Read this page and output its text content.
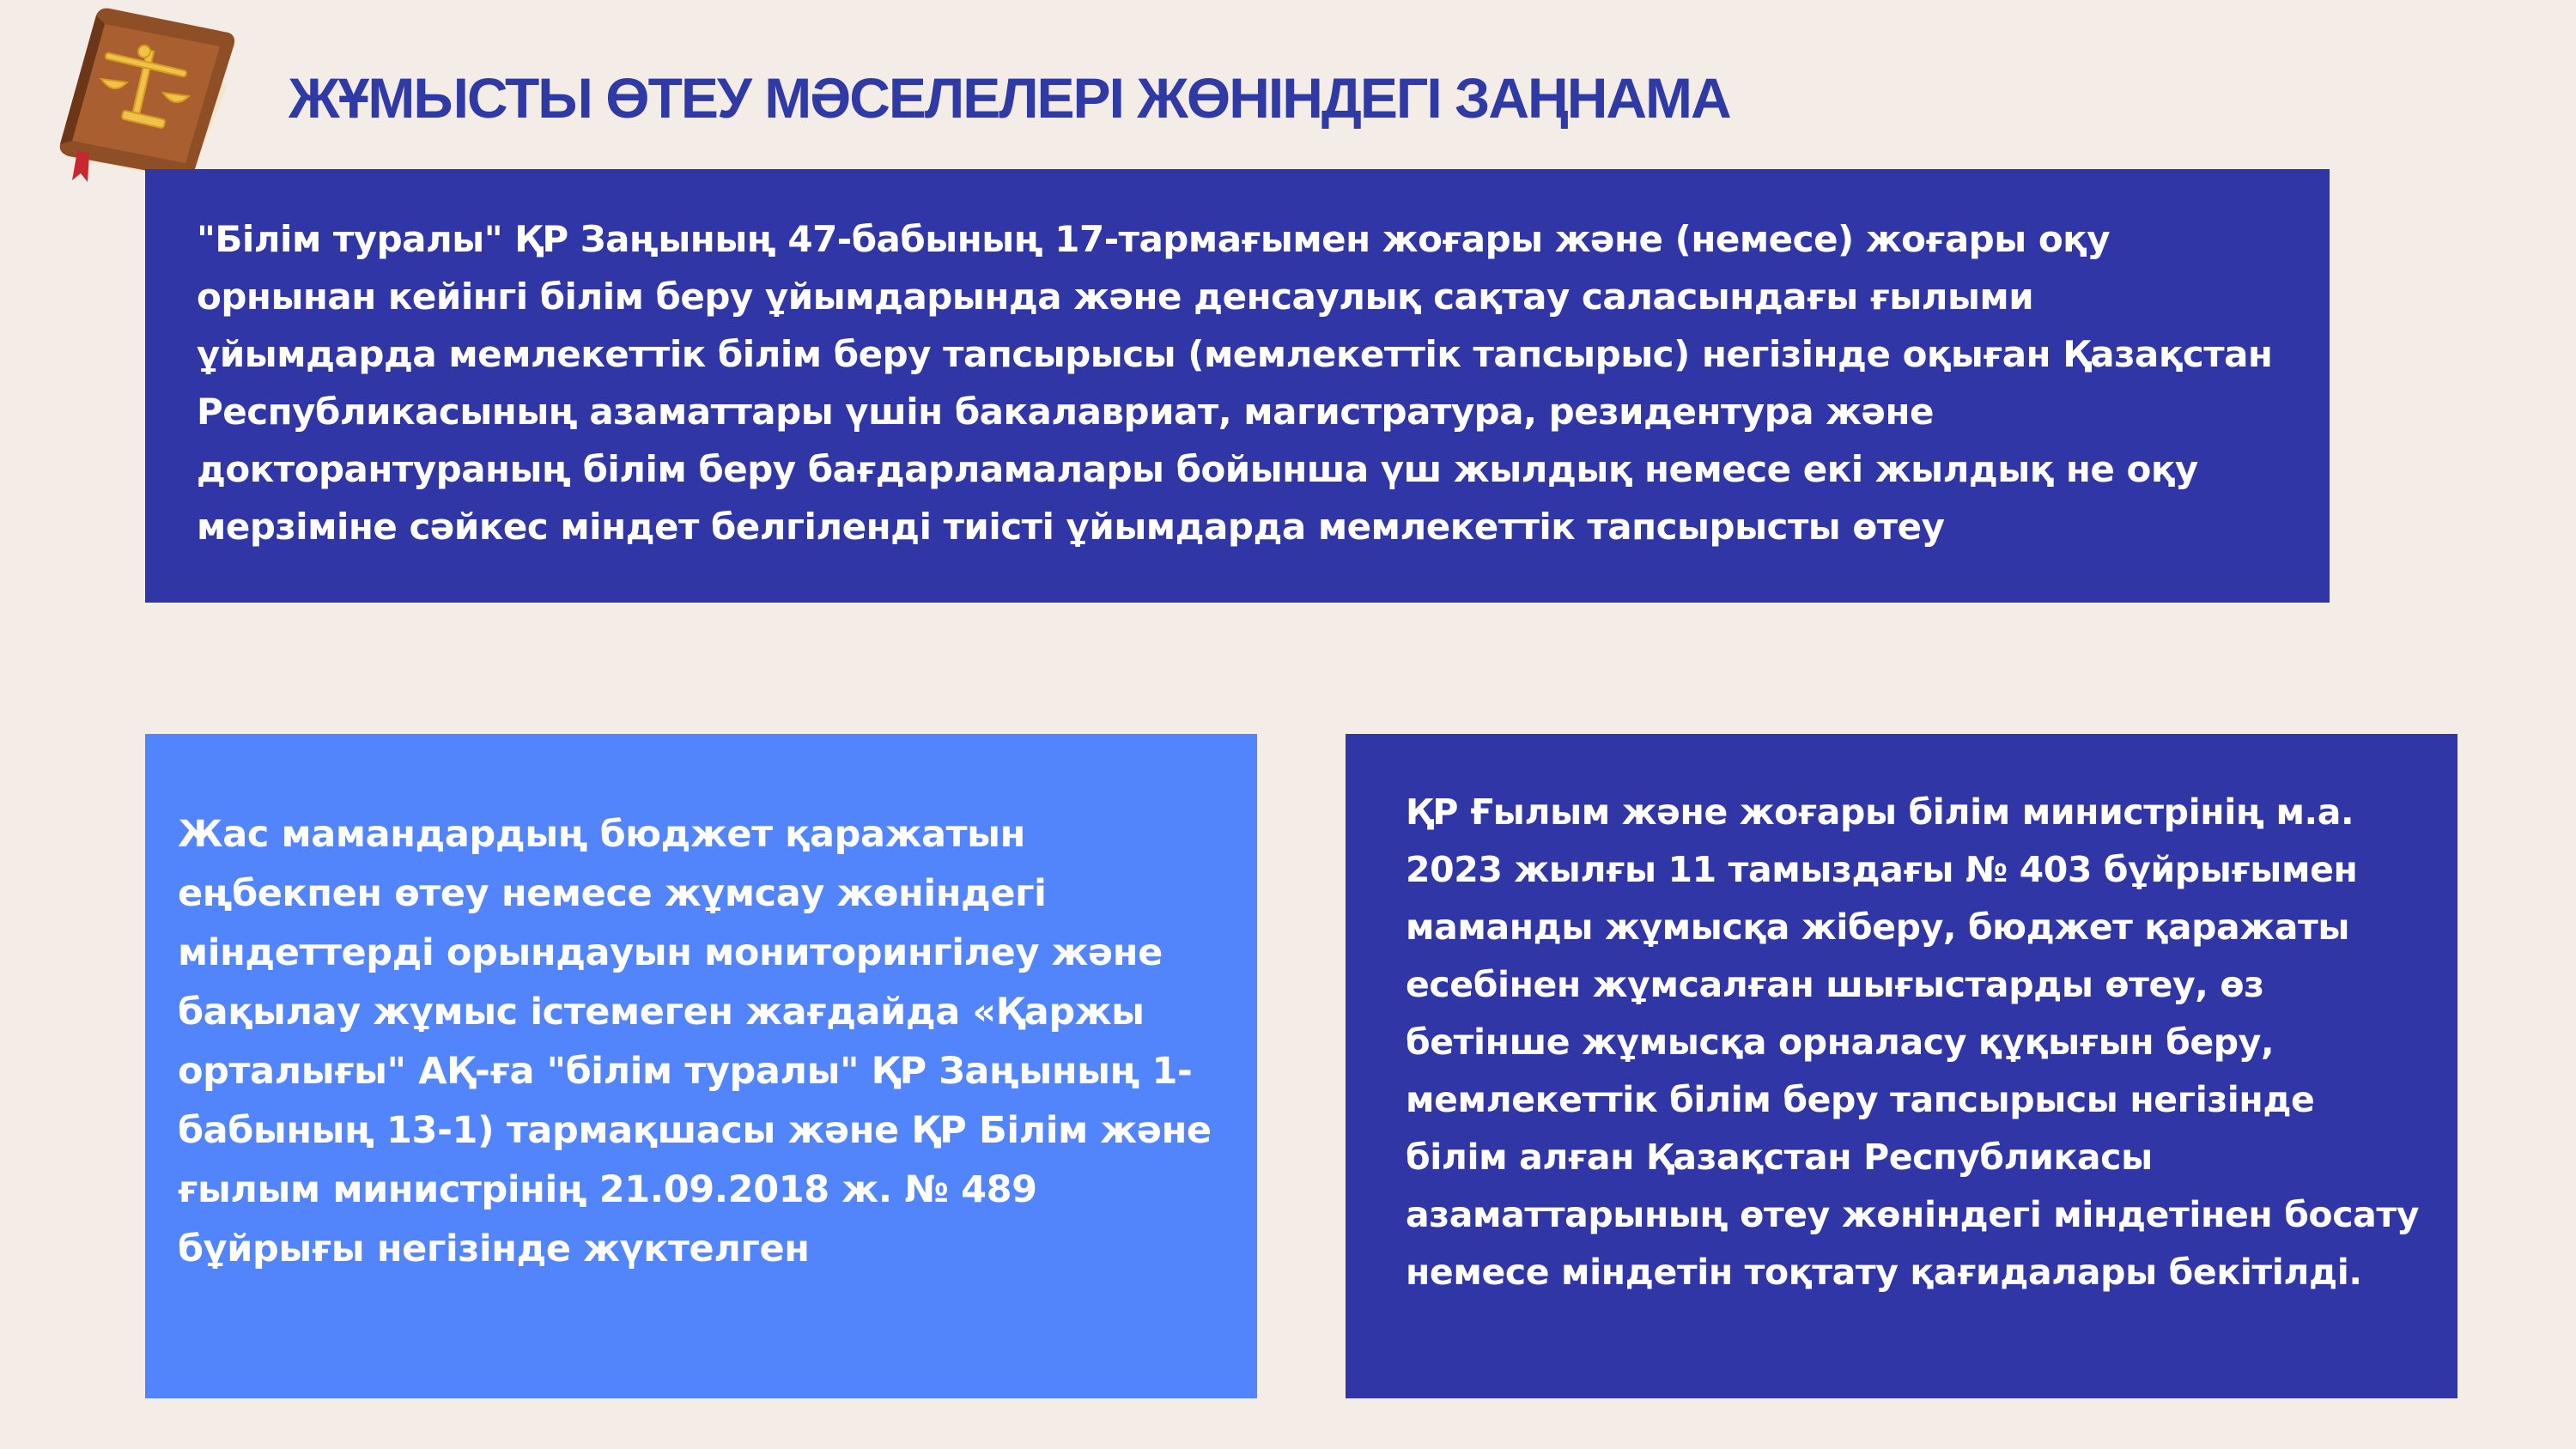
ЖҰМЫСТЫ ӨТЕУ МӘСЕЛЕЛЕРІ ЖӨНІНДЕГІ ЗАҢНАМА

"Білім туралы" ҚР Заңының 47-бабының 17-тармағымен жоғары және (немесе) жоғары оқу орнынан кейінгі білім беру ұйымдарында және денсаулық сақтау саласындағы ғылыми ұйымдарда мемлекеттік білім беру тапсырысы (мемлекеттік тапсырыс) негізінде оқыған Қазақстан Республикасының азаматтары үшін бакалавриат, магистратура, резидентура және докторантураның білім беру бағдарламалары бойынша үш жылдық немесе екі жылдық не оқу мерзіміне сәйкес міндет белгіленді тиісті ұйымдарда мемлекеттік тапсырысты өтеу

Жас мамандардың бюджет қаражатын еңбекпен өтеу немесе жұмсау жөніндегі міндеттерді орындауын мониторингілеу және бақылау жұмыс істемеген жағдайда «Қаржы орталығы" АҚ-ға "білім туралы" ҚР Заңының 1-бабының 13-1) тармақшасы және ҚР Білім және ғылым министрінің 21.09.2018 ж. № 489 бұйрығы негізінде жүктелген

ҚР Ғылым және жоғары білім министрінің м.а. 2023 жылғы 11 тамыздағы № 403 бұйрығымен маманды жұмысқа жіберу, бюджет қаражаты есебінен жұмсалған шығыстарды өтеу, өз бетінше жұмысқа орналасу құқығын беру, мемлекеттік білім беру тапсырысы негізінде білім алған Қазақстан Республикасы азаматтарының өтеу жөніндегі міндетінен босату немесе міндетін тоқтату қағидалары бекітілді.
